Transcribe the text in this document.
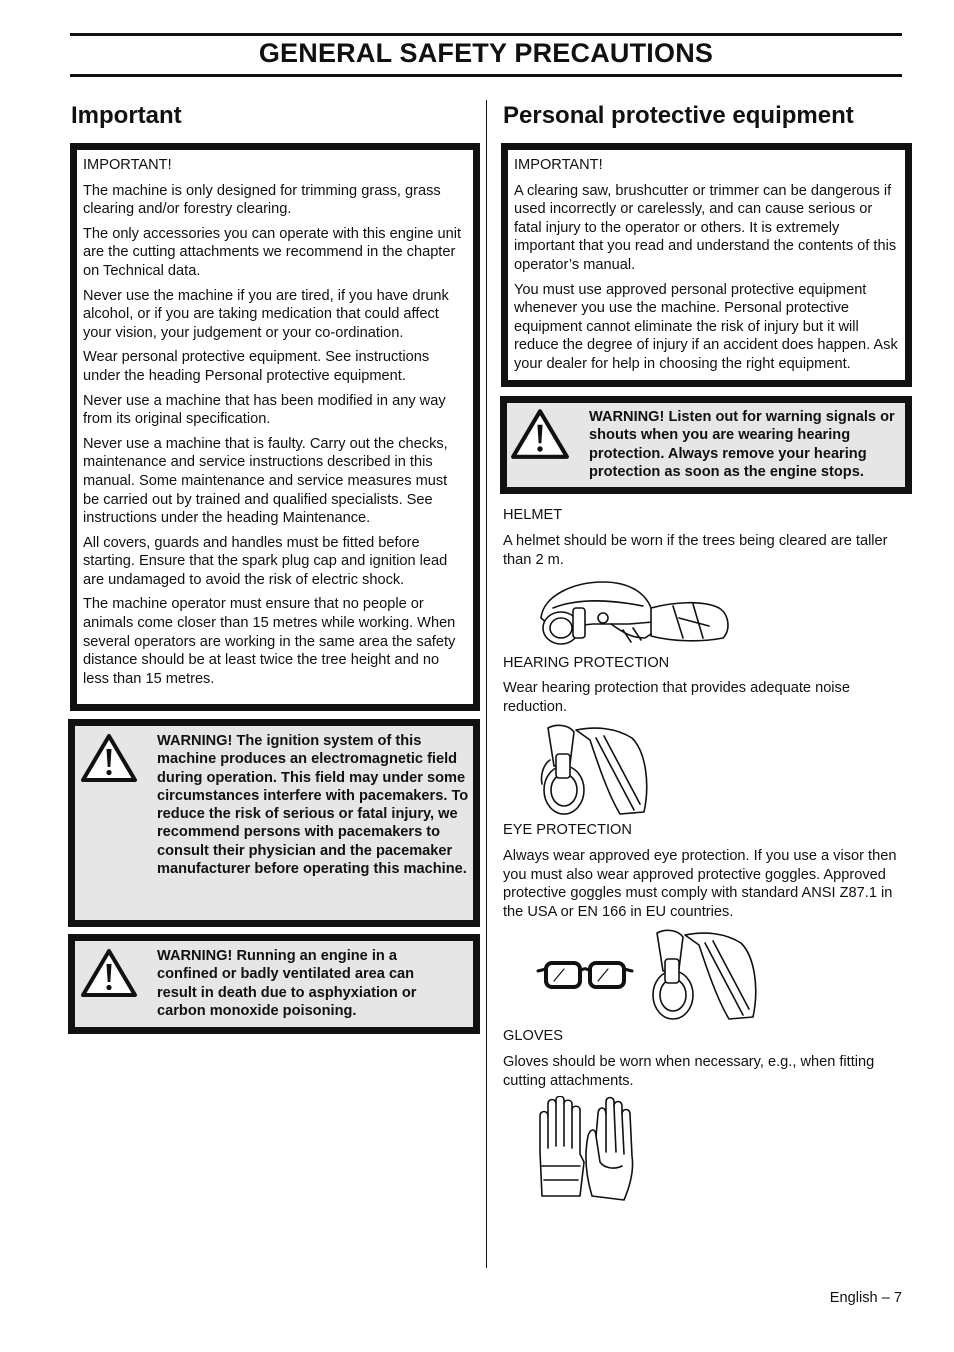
GENERAL SAFETY PRECAUTIONS
Important

IMPORTANT!

The machine is only designed for trimming grass, grass clearing and/or forestry clearing.

The only accessories you can operate with this engine unit are the cutting attachments we recommend in the chapter on Technical data.

Never use the machine if you are tired, if you have drunk alcohol, or if you are taking medication that could affect your vision, your judgement or your co-ordination.

Wear personal protective equipment. See instructions under the heading Personal protective equipment.

Never use a machine that has been modified in any way from its original specification.

Never use a machine that is faulty. Carry out the checks, maintenance and service instructions described in this manual. Some maintenance and service measures must be carried out by trained and qualified specialists. See instructions under the heading Maintenance.

All covers, guards and handles must be fitted before starting. Ensure that the spark plug cap and ignition lead are undamaged to avoid the risk of electric shock.

The machine operator must ensure that no people or animals come closer than 15 metres while working. When several operators are working in the same area the safety distance should be at least twice the tree height and no less than 15 metres.

WARNING! The ignition system of this machine produces an electromagnetic field during operation. This field may under some circumstances interfere with pacemakers. To reduce the risk of serious or fatal injury, we recommend persons with pacemakers to consult their physician and the pacemaker manufacturer before operating this machine.
WARNING! Running an engine in a confined or badly ventilated area can result in death due to asphyxiation or carbon monoxide poisoning.
Personal protective equipment

IMPORTANT!

A clearing saw, brushcutter or trimmer can be dangerous if used incorrectly or carelessly, and can cause serious or fatal injury to the operator or others. It is extremely important that you read and understand the contents of this operator’s manual.

You must use approved personal protective equipment whenever you use the machine. Personal protective equipment cannot eliminate the risk of injury but it will reduce the degree of injury if an accident does happen. Ask your dealer for help in choosing the right equipment.

WARNING! Listen out for warning signals or shouts when you are wearing hearing protection. Always remove your hearing protection as soon as the engine stops.
HELMET
A helmet should be worn if the trees being cleared are taller than 2 m.
HEARING PROTECTION
Wear hearing protection that provides adequate noise reduction.
EYE PROTECTION
Always wear approved eye protection. If you use a visor then you must also wear approved protective goggles. Approved protective goggles must comply with standard ANSI Z87.1 in the USA or EN 166 in EU countries.
GLOVES
Gloves should be worn when necessary, e.g., when fitting cutting attachments.
English – 7
